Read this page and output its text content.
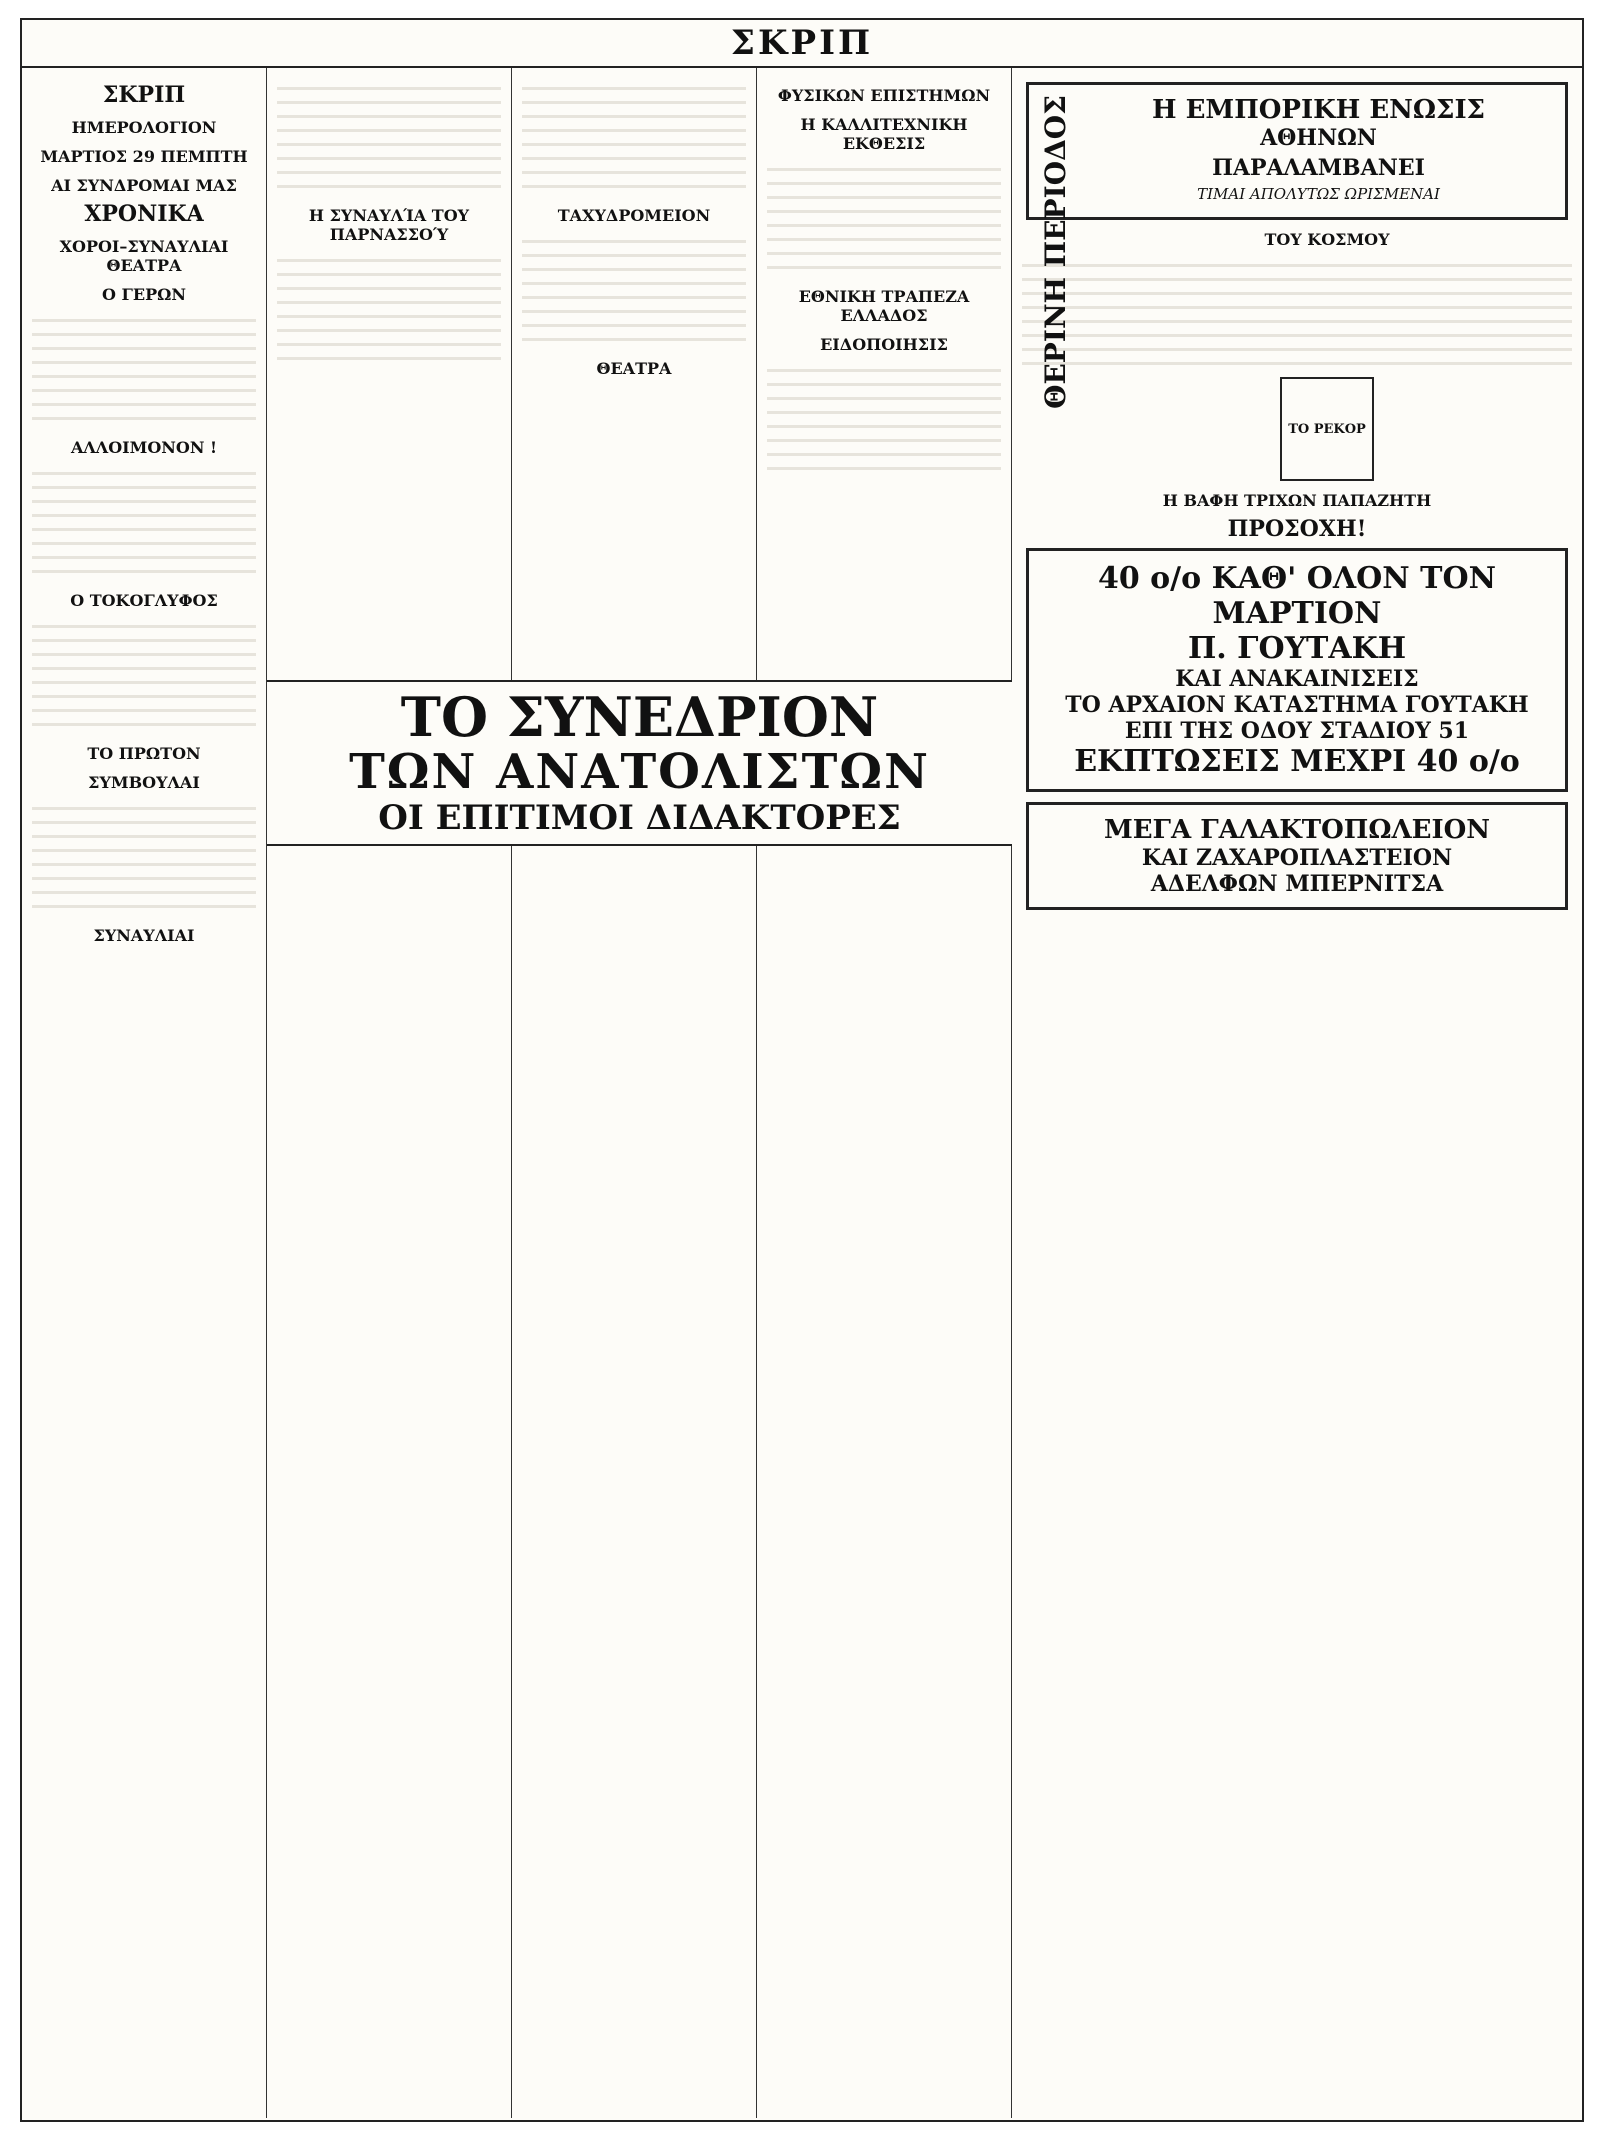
ΣΚΡΙΠ
ΣΚΡΙΠ
ΗΜΕΡΟΛΟΓΙΟΝ
ΜΑΡΤΙΟΣ 29 ΠΕΜΠΤΗ
ΑΙ ΣΥΝΔΡΟΜΑΙ ΜΑΣ
ΧΡΟΝΙΚΑ
ΧΟΡΟΙ–ΣΥΝΑΥΛΙΑΙ ΘΕΑΤΡΑ
Ο ΓΕΡΩΝ
ΑΛΛΟΙΜΟΝΟΝ !
Ο ΤΟΚΟΓΛΥΦΟΣ
ΤΟ ΠΡΩΤΟΝ
ΣΥΜΒΟΥΛΑΙ
ΣΥΝΑΥΛΙΑΙ
Η ΣΥΝΑΥΛΊΑ ΤΟΥ ΠΑΡΝΑΣΣΟΎ
ΤΑΧΥΔΡΟΜΕΙΟΝ
ΘΕΑΤΡΑ
ΦΥΣΙΚΩΝ ΕΠΙΣΤΗΜΩΝ
Η ΚΑΛΛΙΤΕΧΝΙΚΗ ΕΚΘΕΣΙΣ
ΕΘΝΙΚΗ ΤΡΑΠΕΖΑ ΕΛΛΑΔΟΣ
ΕΙΔΟΠΟΙΗΣΙΣ	ΘΕΡΙΝΗ ΠΕΡΙΟΔΟΣ	Η ΕΜΠΟΡΙΚΗ ΕΝΩΣΙΣ
ΑΘΗΝΩΝ
ΠΑΡΑΛΑΜΒΑΝΕΙ
ΤΙΜΑΙ ΑΠΟΛΥΤΩΣ ΩΡΙΣΜΕΝΑΙ
ΤΟΥ ΚΟΣΜΟΥ
ΤΟ ΡΕΚΟΡ
Η ΒΑΦΗ ΤΡΙΧΩΝ ΠΑΠΑΖΗΤΗ
ΠΡΟΣΟΧΗ!
40 ο/ο ΚΑΘ' ΟΛΟΝ ΤΟΝ ΜΑΡΤΙΟΝ
Π. ΓΟΥΤΑΚΗ
ΚΑΙ ΑΝΑΚΑΙΝΙΣΕΙΣ
ΤΟ ΑΡΧΑΙΟΝ ΚΑΤΑΣΤΗΜΑ ΓΟΥΤΑΚΗ
ΕΠΙ ΤΗΣ ΟΔΟΥ ΣΤΑΔΙΟΥ 51
ΕΚΠΤΩΣΕΙΣ ΜΕΧΡΙ 40 ο/ο
ΜΕΓΑ ΓΑΛΑΚΤΟΠΩΛΕΙΟΝ
ΚΑΙ ΖΑΧΑΡΟΠΛΑΣΤΕΙΟΝ
ΑΔΕΛΦΩΝ ΜΠΕΡΝΙΤΣΑ
ΤΟ ΣΥΝΕΔΡΙΟΝ
ΤΩΝ ΑΝΑΤΟΛΙΣΤΩΝ
ΟΙ ΕΠΙΤΙΜΟΙ ΔΙΔΑΚΤΟΡΕΣ
